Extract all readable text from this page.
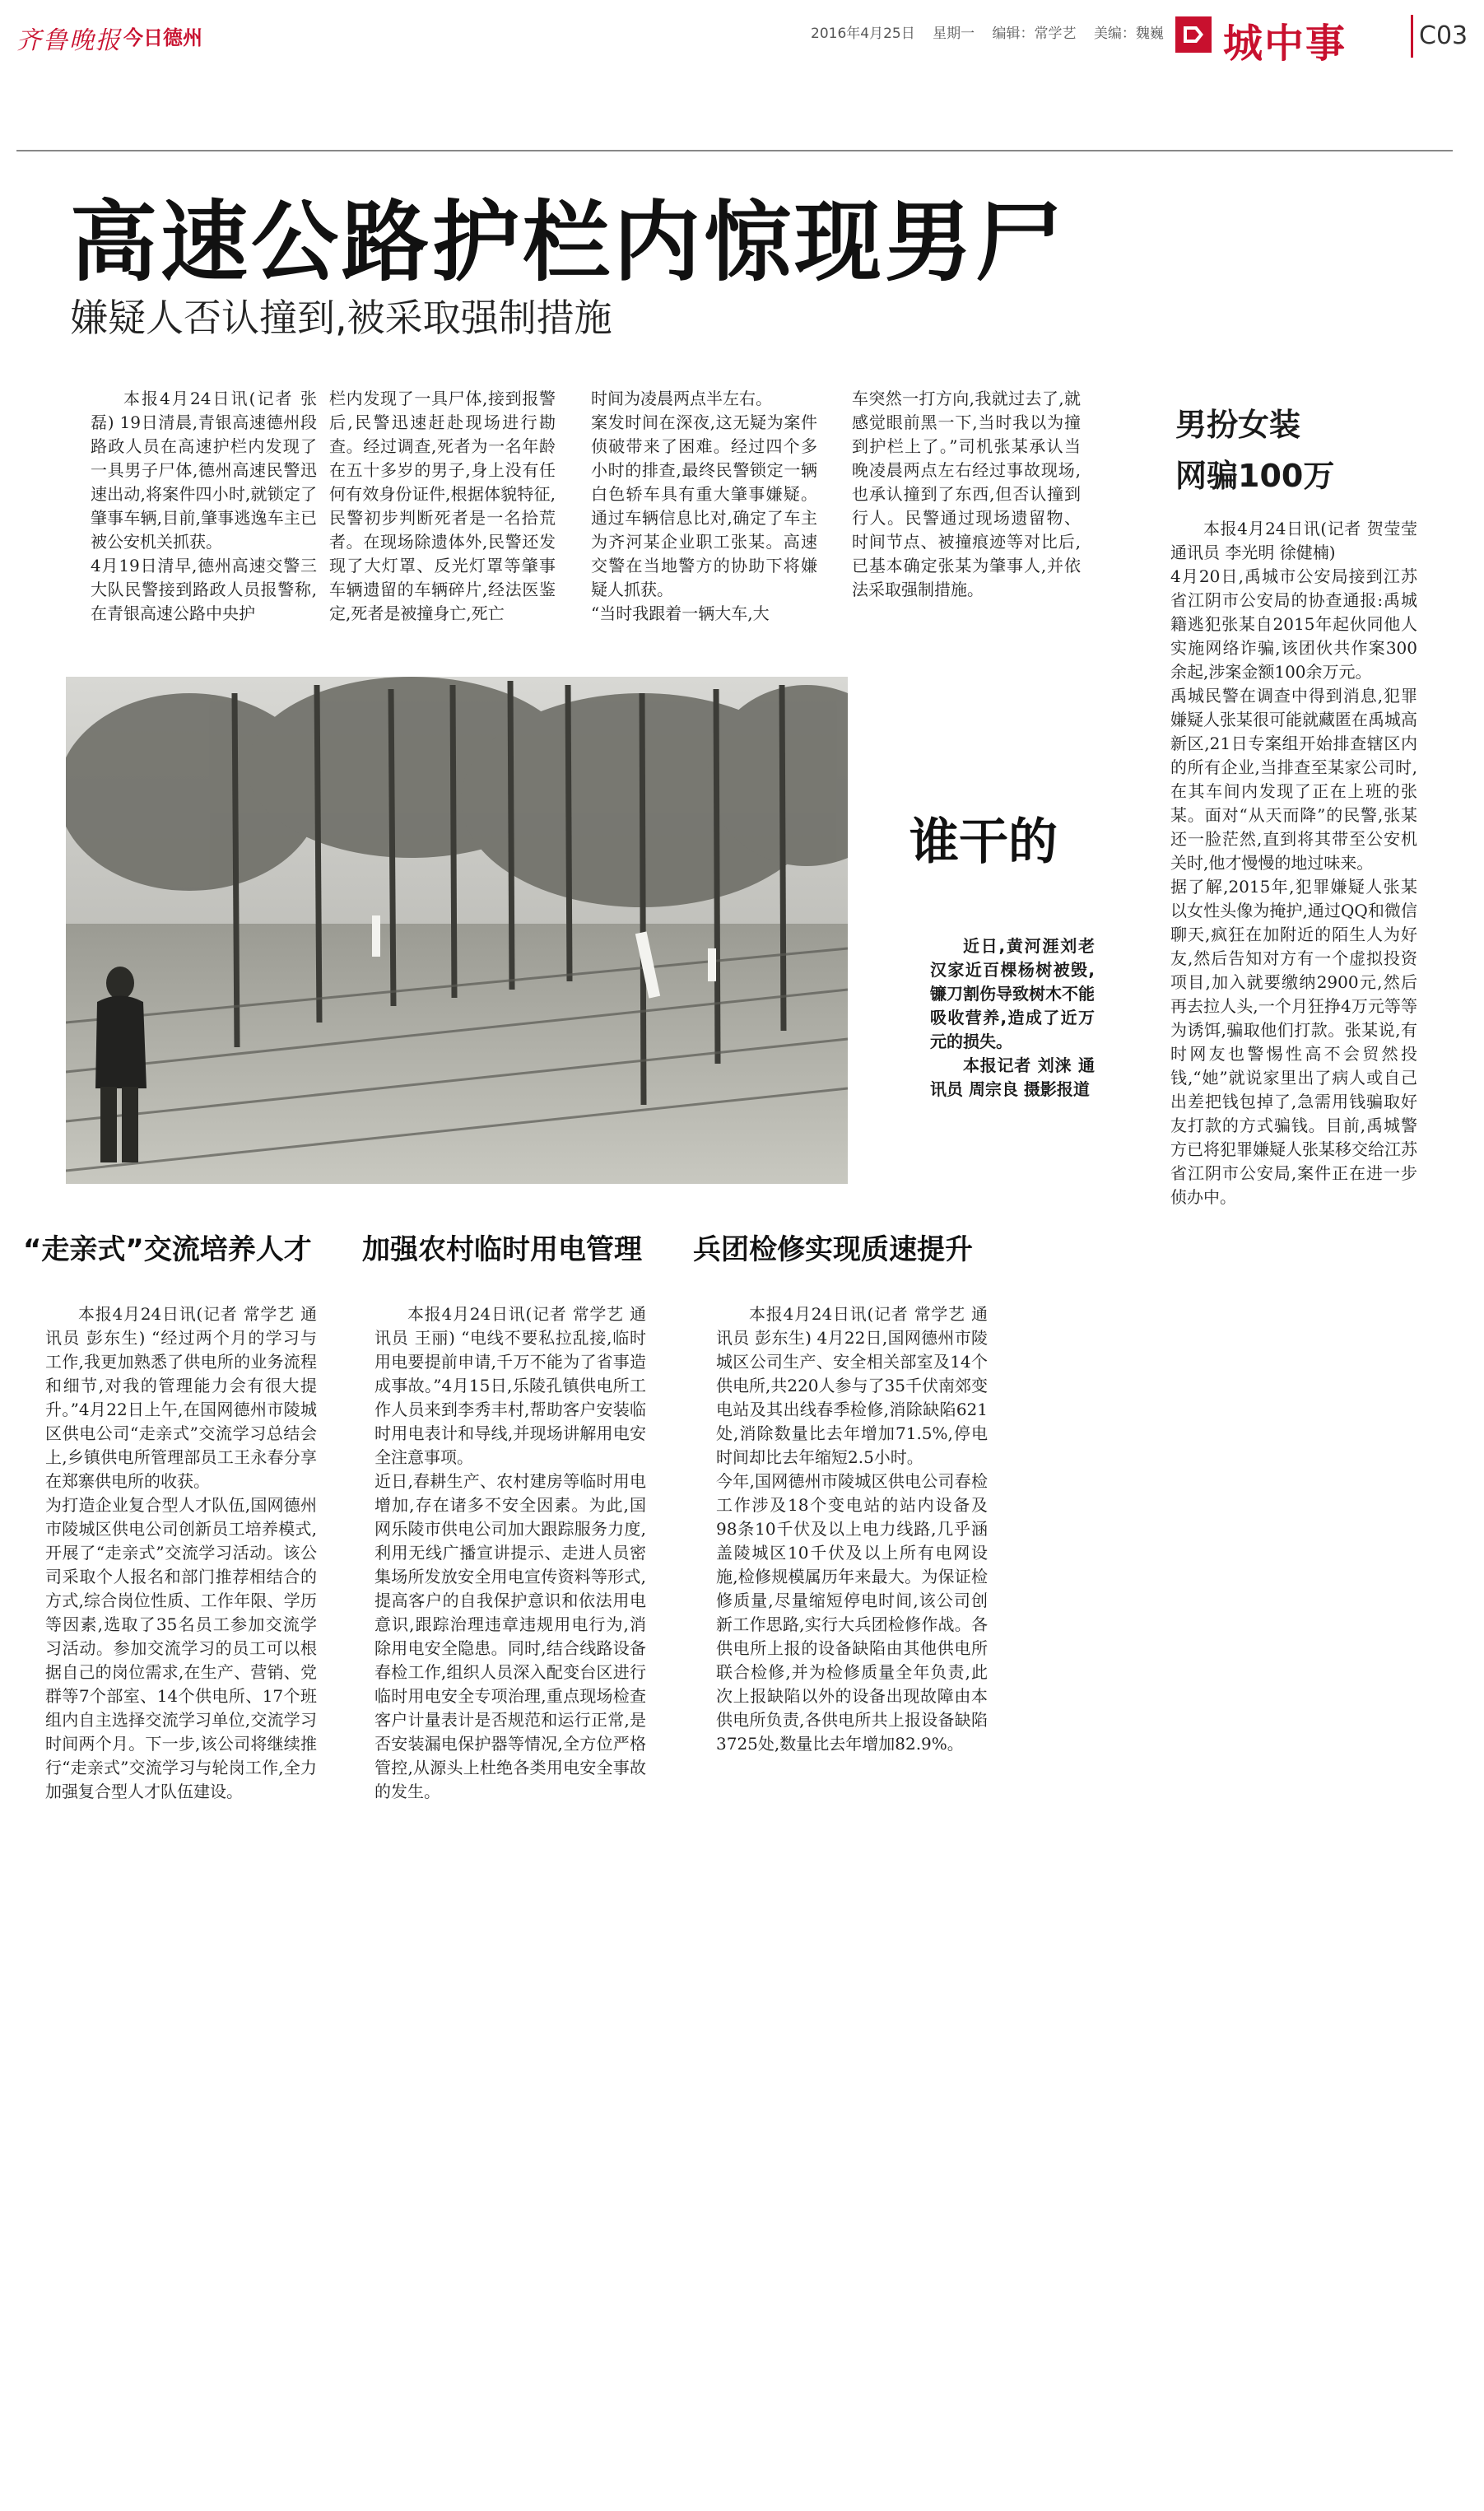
齐鲁晚报 今日德州	2016年4月25日 星期一 编辑：常学艺 美编：魏巍	城中事	C03
高速公路护栏内惊现男尸
嫌疑人否认撞到,被采取强制措施

本报4月24日讯(记者 张磊) 19日清晨,青银高速德州段路政人员在高速护栏内发现了一具男子尸体,德州高速民警迅速出动,将案件四小时,就锁定了肇事车辆,目前,肇事逃逸车主已被公安机关抓获。
4月19日清早,德州高速交警三大队民警接到路政人员报警称,在青银高速公路中央护

栏内发现了一具尸体,接到报警后,民警迅速赶赴现场进行勘查。经过调查,死者为一名年龄在五十多岁的男子,身上没有任何有效身份证件,根据体貌特征,民警初步判断死者是一名拾荒者。在现场除遗体外,民警还发现了大灯罩、反光灯罩等肇事车辆遗留的车辆碎片,经法医鉴定,死者是被撞身亡,死亡

时间为凌晨两点半左右。
案发时间在深夜,这无疑为案件侦破带来了困难。经过四个多小时的排查,最终民警锁定一辆白色轿车具有重大肇事嫌疑。通过车辆信息比对,确定了车主为齐河某企业职工张某。高速交警在当地警方的协助下将嫌疑人抓获。
“当时我跟着一辆大车,大

车突然一打方向,我就过去了,就感觉眼前黑一下,当时我以为撞到护栏上了。”司机张某承认当晚凌晨两点左右经过事故现场,也承认撞到了东西,但否认撞到行人。民警通过现场遗留物、时间节点、被撞痕迹等对比后,已基本确定张某为肇事人,并依法采取强制措施。

谁干的

近日,黄河涯刘老汉家近百棵杨树被毁,镰刀割伤导致树木不能吸收营养,造成了近万元的损失。

本报记者 刘涞 通讯员 周宗良 摄影报道

男扮女装
网骗100万

本报4月24日讯(记者 贺莹莹 通讯员 李光明 徐健楠)
4月20日,禹城市公安局接到江苏省江阴市公安局的协查通报:禹城籍逃犯张某自2015年起伙同他人实施网络诈骗,该团伙共作案300余起,涉案金额100余万元。
禹城民警在调查中得到消息,犯罪嫌疑人张某很可能就藏匿在禹城高新区,21日专案组开始排查辖区内的所有企业,当排查至某家公司时,在其车间内发现了正在上班的张某。面对“从天而降”的民警,张某还一脸茫然,直到将其带至公安机关时,他才慢慢的地过味来。
据了解,2015年,犯罪嫌疑人张某以女性头像为掩护,通过QQ和微信聊天,疯狂在加附近的陌生人为好友,然后告知对方有一个虚拟投资项目,加入就要缴纳2900元,然后再去拉人头,一个月狂挣4万元等等为诱饵,骗取他们打款。张某说,有时网友也警惕性高不会贸然投钱,“她”就说家里出了病人或自己出差把钱包掉了,急需用钱骗取好友打款的方式骗钱。目前,禹城警方已将犯罪嫌疑人张某移交给江苏省江阴市公安局,案件正在进一步侦办中。

“走亲式”交流培养人才 加强农村临时用电管理 兵团检修实现质速提升

本报4月24日讯(记者 常学艺 通讯员 彭东生) “经过两个月的学习与工作,我更加熟悉了供电所的业务流程和细节,对我的管理能力会有很大提升。”4月22日上午,在国网德州市陵城区供电公司“走亲式”交流学习总结会上,乡镇供电所管理部员工王永春分享在郑寨供电所的收获。
为打造企业复合型人才队伍,国网德州市陵城区供电公司创新员工培养模式,开展了“走亲式”交流学习活动。该公司采取个人报名和部门推荐相结合的方式,综合岗位性质、工作年限、学历等因素,选取了35名员工参加交流学习活动。参加交流学习的员工可以根据自己的岗位需求,在生产、营销、党群等7个部室、14个供电所、17个班组内自主选择交流学习单位,交流学习时间两个月。下一步,该公司将继续推行“走亲式”交流学习与轮岗工作,全力加强复合型人才队伍建设。

本报4月24日讯(记者 常学艺 通讯员 王丽) “电线不要私拉乱接,临时用电要提前申请,千万不能为了省事造成事故。”4月15日,乐陵孔镇供电所工作人员来到李秀丰村,帮助客户安装临时用电表计和导线,并现场讲解用电安全注意事项。
近日,春耕生产、农村建房等临时用电增加,存在诸多不安全因素。为此,国网乐陵市供电公司加大跟踪服务力度,利用无线广播宣讲提示、走进人员密集场所发放安全用电宣传资料等形式,提高客户的自我保护意识和依法用电意识,跟踪治理违章违规用电行为,消除用电安全隐患。同时,结合线路设备春检工作,组织人员深入配变台区进行临时用电安全专项治理,重点现场检查客户计量表计是否规范和运行正常,是否安装漏电保护器等情况,全方位严格管控,从源头上杜绝各类用电安全事故的发生。

本报4月24日讯(记者 常学艺 通讯员 彭东生) 4月22日,国网德州市陵城区公司生产、安全相关部室及14个供电所,共220人参与了35千伏南郊变电站及其出线春季检修,消除缺陷621处,消除数量比去年增加71.5%,停电时间却比去年缩短2.5小时。
今年,国网德州市陵城区供电公司春检工作涉及18个变电站的站内设备及98条10千伏及以上电力线路,几乎涵盖陵城区10千伏及以上所有电网设施,检修规模属历年来最大。为保证检修质量,尽量缩短停电时间,该公司创新工作思路,实行大兵团检修作战。各供电所上报的设备缺陷由其他供电所联合检修,并为检修质量全年负责,此次上报缺陷以外的设备出现故障由本供电所负责,各供电所共上报设备缺陷3725处,数量比去年增加82.9%。
